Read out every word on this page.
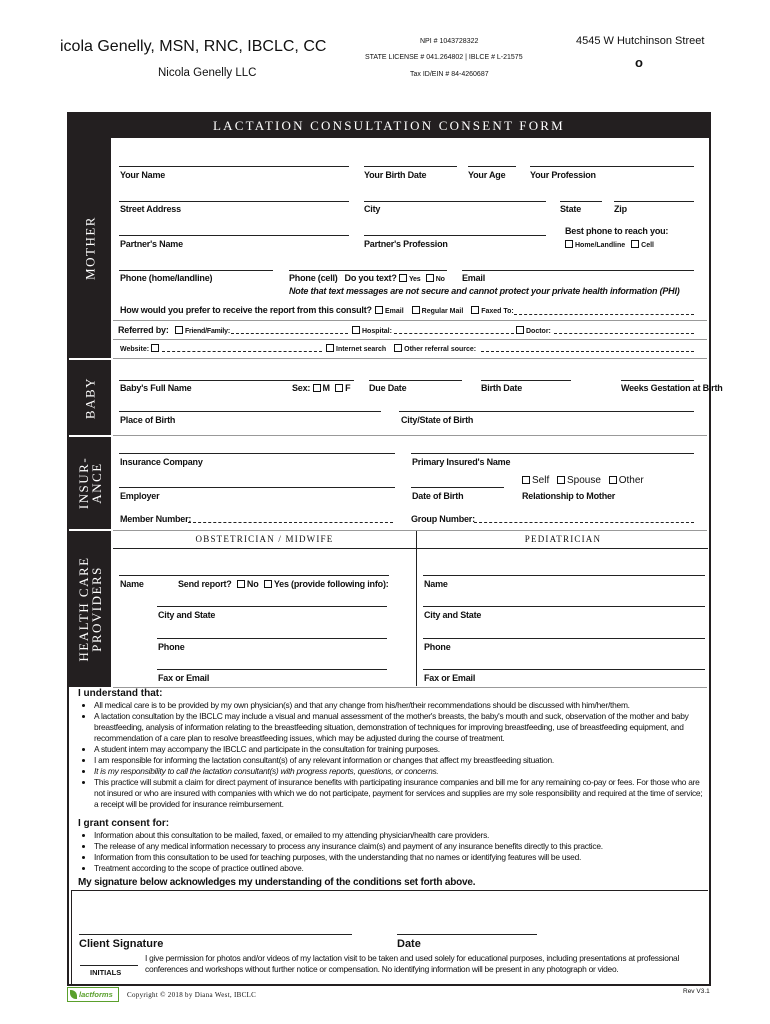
icola Genelly, MSN, RNC, IBCLC, CC
Nicola Genelly LLC
NPI # 1043728322
STATE LICENSE # 041.264802 | IBLCE # L-21575
Tax ID/EIN # 84-4260687
4545 W Hutchinson Street
o
LACTATION CONSULTATION CONSENT FORM
MOTHER
BABY
INSUR-
ANCE
HEALTH CARE
PROVIDERS
Your Name	Your Birth Date	Your Age	Your Profession
Street Address	City	State	Zip
Best phone to reach you:
Partner's Name	Partner's Profession	Home/Landline Cell
Phone (home/landline)	Phone (cell) Do you text? Yes No Email
Note that text messages are not secure and cannot protect your private health information (PHI)
How would you prefer to receive the report from this consult?	Email	Regular Mail	Faxed To:
Referred by: Friend/Family:	Hospital:	Doctor:
Website:	Internet search	Other referral source:
Baby's Full Name	Sex: M F Due Date	Birth Date	Weeks Gestation at Birth
Place of Birth	City/State of Birth
Insurance Company	Primary Insured's Name
Self Spouse Other
Employer	Date of Birth	Relationship to Mother
Member Number:	Group Number:
OBSTETRICIAN / MIDWIFE	PEDIATRICIAN
Name	Send report? No Yes (provide following info):	Name
City and State	City and State
Phone	Phone
Fax or Email	Fax or Email
I understand that:
• All medical care is to be provided by my own physician(s) and that any change from his/her/their recommendations should be discussed with him/her/them.
• A lactation consultation by the IBCLC may include a visual and manual assessment of the mother's breasts, the baby's mouth and suck, observation of the mother and baby breastfeeding, analysis of information relating to the breastfeeding situation, demonstration of techniques for improving breastfeeding, use of breastfeeding equipment, and recommendation of a care plan to resolve breastfeeding issues, which may be adjusted during the course of treatment.
• A student intern may accompany the IBCLC and participate in the consultation for training purposes.
• I am responsible for informing the lactation consultant(s) of any relevant information or changes that affect my breastfeeding situation.
• It is my responsibility to call the lactation consultant(s) with progress reports, questions, or concerns.
• This practice will submit a claim for direct payment of insurance benefits with participating insurance companies and bill me for any remaining co-pay or fees. For those who are not insured or who are insured with companies with which we do not participate, payment for services and supplies are my sole responsibility and required at the time of service; a receipt will be provided for insurance reimbursement.
I grant consent for:
• Information about this consultation to be mailed, faxed, or emailed to my attending physician/health care providers.
• The release of any medical information necessary to process any insurance claim(s) and payment of any insurance benefits directly to this practice.
• Information from this consultation to be used for teaching purposes, with the understanding that no names or identifying features will be used.
• Treatment according to the scope of practice outlined above.
My signature below acknowledges my understanding of the conditions set forth above.
Client Signature	Date
INITIALS
I give permission for photos and/or videos of my lactation visit to be taken and used solely for educational purposes, including presentations at professional conferences and workshops without further notice or compensation. No identifying information will be present in any photograph or video.
lactforms Copyright © 2018 by Diana West, IBCLC	Rev V3.1
